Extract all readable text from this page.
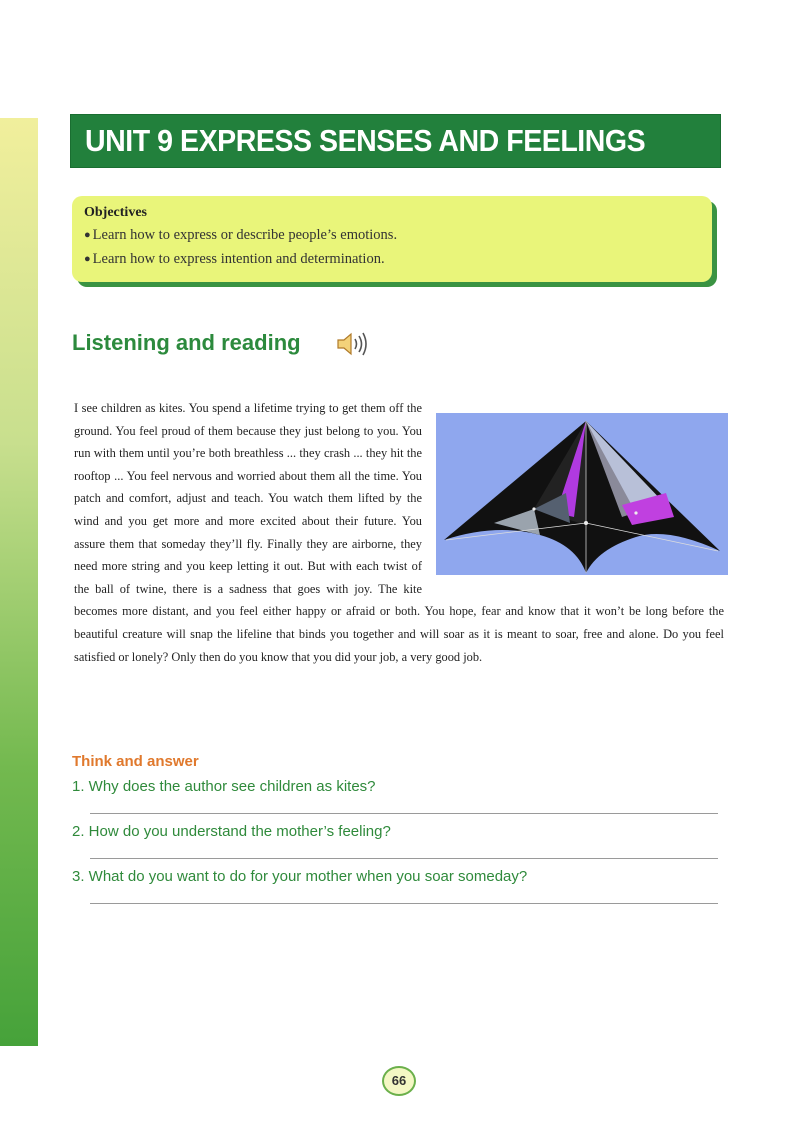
UNIT 9 EXPRESS SENSES AND FEELINGS
Objectives
● Learn how to express or describe people’s emotions.
● Learn how to express intention and determination.
Listening and reading
I see children as kites. You spend a lifetime trying to get them off the ground. You feel proud of them because they just belong to you. You run with them until you’re both breathless ... they crash ... they hit the rooftop ... You feel nervous and worried about them all the time. You patch and comfort, adjust and teach. You watch them lifted by the wind and you get more and more excited about their future. You assure them that someday they’ll fly. Finally they are airborne, they need more string and you keep letting it out. But with each twist of the ball of twine, there is a sadness that goes with joy. The kite becomes more distant, and you feel either happy or afraid or both. You hope, fear and know that it won’t be long before the beautiful creature will snap the lifeline that binds you together and will soar as it is meant to soar, free and alone. Do you feel satisfied or lonely? Only then do you know that you did your job, a very good job.
Think and answer
1. Why does the author see children as kites?
2. How do you understand the mother’s feeling?
3. What do you want to do for your mother when you soar someday?
66
